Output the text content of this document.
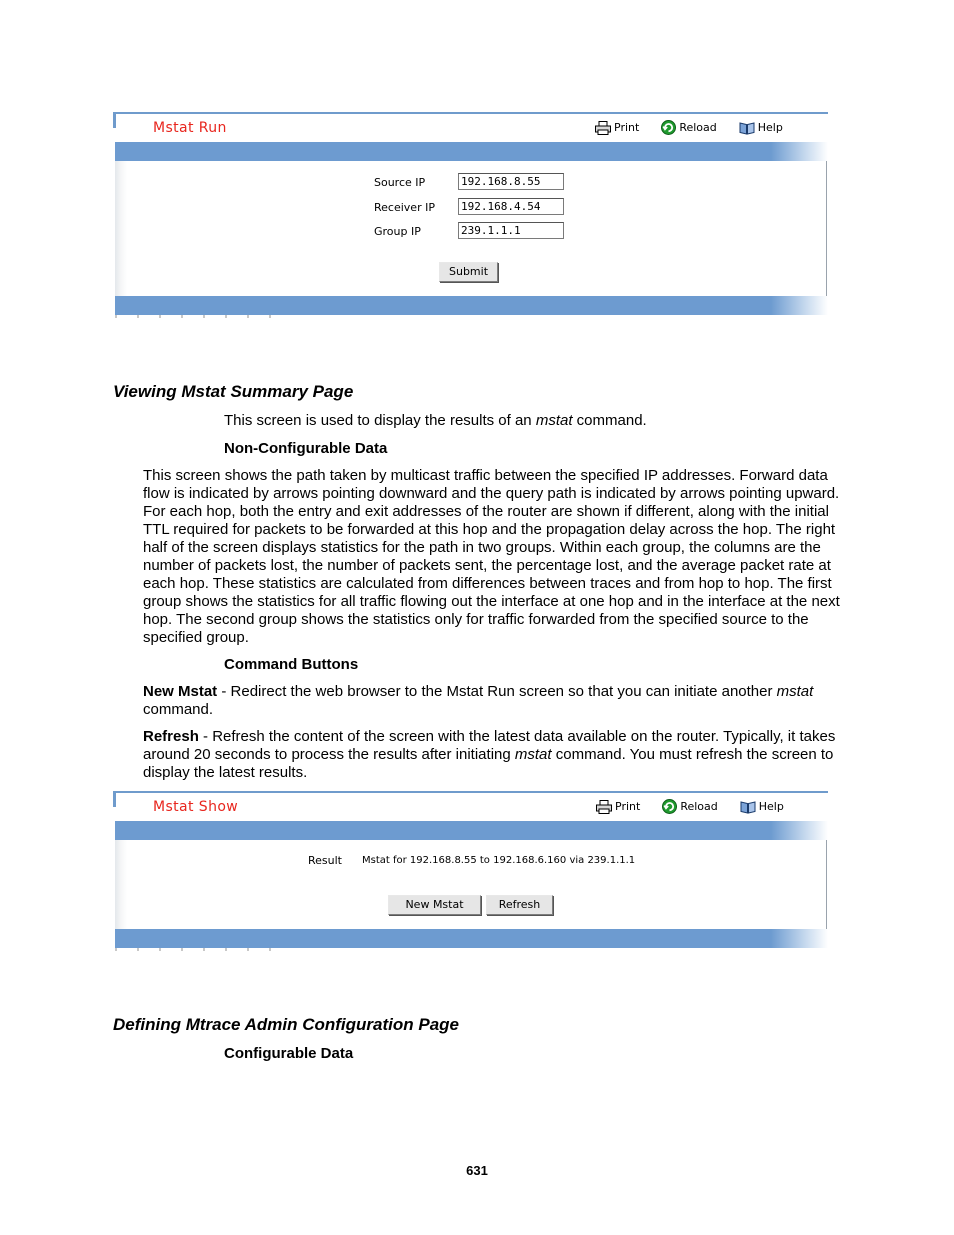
Mstat Run	Print	Reload	Help
Source IP	192.168.8.55
Receiver IP 192.168.4.54
Group IP	239.1.1.1
Submit
Viewing Mstat Summary Page
This screen is used to display the results of an mstat command.
Non-Configurable Data
This screen shows the path taken by multicast traffic between the specified IP addresses. Forward data flow is indicated by arrows pointing downward and the query path is indicated by arrows pointing upward. For each hop, both the entry and exit addresses of the router are shown if different, along with the initial TTL required for packets to be forwarded at this hop and the propagation delay across the hop. The right half of the screen displays statistics for the path in two groups. Within each group, the columns are the number of packets lost, the number of packets sent, the percentage lost, and the average packet rate at each hop. These statistics are calculated from differences between traces and from hop to hop. The first group shows the statistics for all traffic flowing out the interface at one hop and in the interface at the next hop. The second group shows the statistics only for traffic forwarded from the specified source to the specified group.
Command Buttons
New Mstat - Redirect the web browser to the Mstat Run screen so that you can initiate another mstat command.
Refresh - Refresh the content of the screen with the latest data available on the router. Typically, it takes around 20 seconds to process the results after initiating mstat command. You must refresh the screen to display the latest results.
Mstat Show	Print	Reload	Help
Result Mstat for 192.168.8.55 to 192.168.6.160 via 239.1.1.1
New Mstat	Refresh
Defining Mtrace Admin Configuration Page
Configurable Data
631
